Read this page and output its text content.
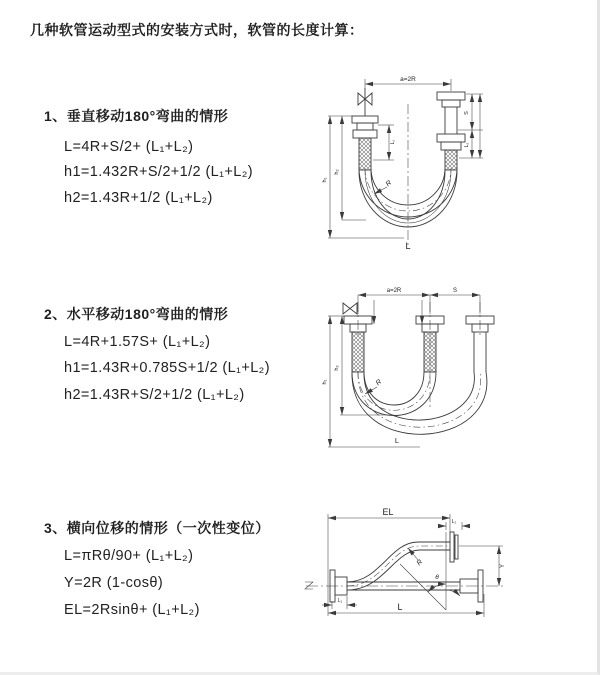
几种软管运动型式的安装方式时，软管的长度计算：
1、垂直移动180°弯曲的情形
L=4R+S/2+ (L₁+L₂)
h1=1.432R+S/2+1/2 (L₁+L₂)
h2=1.43R+1/2 (L₁+L₂)
2、水平移动180°弯曲的情形
L=4R+1.57S+ (L₁+L₂)
h1=1.43R+0.785S+1/2 (L₁+L₂)
h2=1.43R+S/2+1/2 (L₁+L₂)
3、横向位移的情形（一次性变位）
L=πRθ/90+ (L₁+L₂)
Y=2R (1-cosθ)
EL=2Rsinθ+ (L₁+L₂)
a=2R
h₁
h₂
L₁
S
L₂
R
L
a=2R	S
h₁
h₂
R
L
EL
L₂
Y
R
θ
L
L₁
